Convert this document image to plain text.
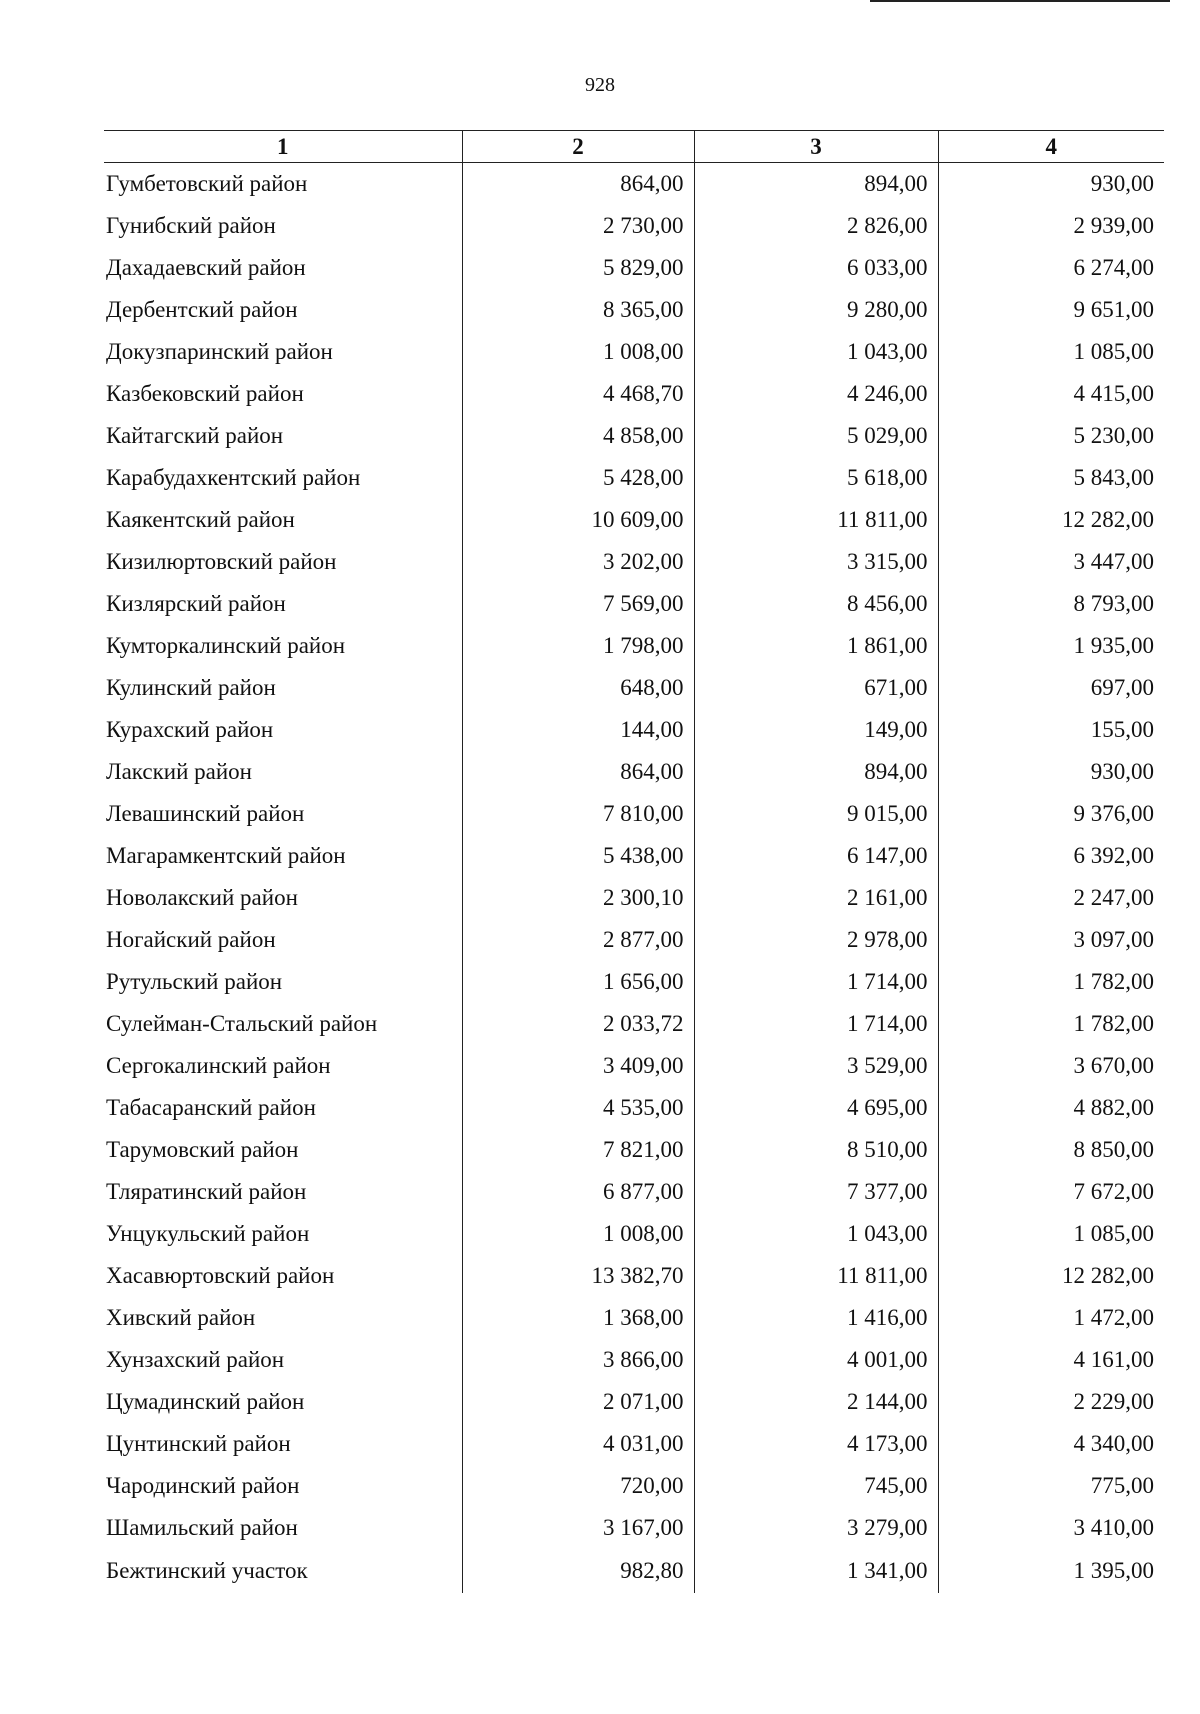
928
1	2	3	4
Гумбетовский район	864,00	894,00	930,00
Гунибский район	2 730,00	2 826,00	2 939,00
Дахадаевский район	5 829,00	6 033,00	6 274,00
Дербентский район	8 365,00	9 280,00	9 651,00
Докузпаринский район	1 008,00	1 043,00	1 085,00
Казбековский район	4 468,70	4 246,00	4 415,00
Кайтагский район	4 858,00	5 029,00	5 230,00
Карабудахкентский район	5 428,00	5 618,00	5 843,00
Каякентский район	10 609,00	11 811,00	12 282,00
Кизилюртовский район	3 202,00	3 315,00	3 447,00
Кизлярский район	7 569,00	8 456,00	8 793,00
Кумторкалинский район	1 798,00	1 861,00	1 935,00
Кулинский район	648,00	671,00	697,00
Курахский район	144,00	149,00	155,00
Лакский район	864,00	894,00	930,00
Левашинский район	7 810,00	9 015,00	9 376,00
Магарамкентский район	5 438,00	6 147,00	6 392,00
Новолакский район	2 300,10	2 161,00	2 247,00
Ногайский район	2 877,00	2 978,00	3 097,00
Рутульский район	1 656,00	1 714,00	1 782,00
Сулейман-Стальский район	2 033,72	1 714,00	1 782,00
Сергокалинский район	3 409,00	3 529,00	3 670,00
Табасаранский район	4 535,00	4 695,00	4 882,00
Тарумовский район	7 821,00	8 510,00	8 850,00
Тляратинский район	6 877,00	7 377,00	7 672,00
Унцукульский район	1 008,00	1 043,00	1 085,00
Хасавюртовский район	13 382,70	11 811,00	12 282,00
Хивский район	1 368,00	1 416,00	1 472,00
Хунзахский район	3 866,00	4 001,00	4 161,00
Цумадинский район	2 071,00	2 144,00	2 229,00
Цунтинский район	4 031,00	4 173,00	4 340,00
Чародинский район	720,00	745,00	775,00
Шамильский район	3 167,00	3 279,00	3 410,00
Бежтинский участок	982,80	1 341,00	1 395,00
